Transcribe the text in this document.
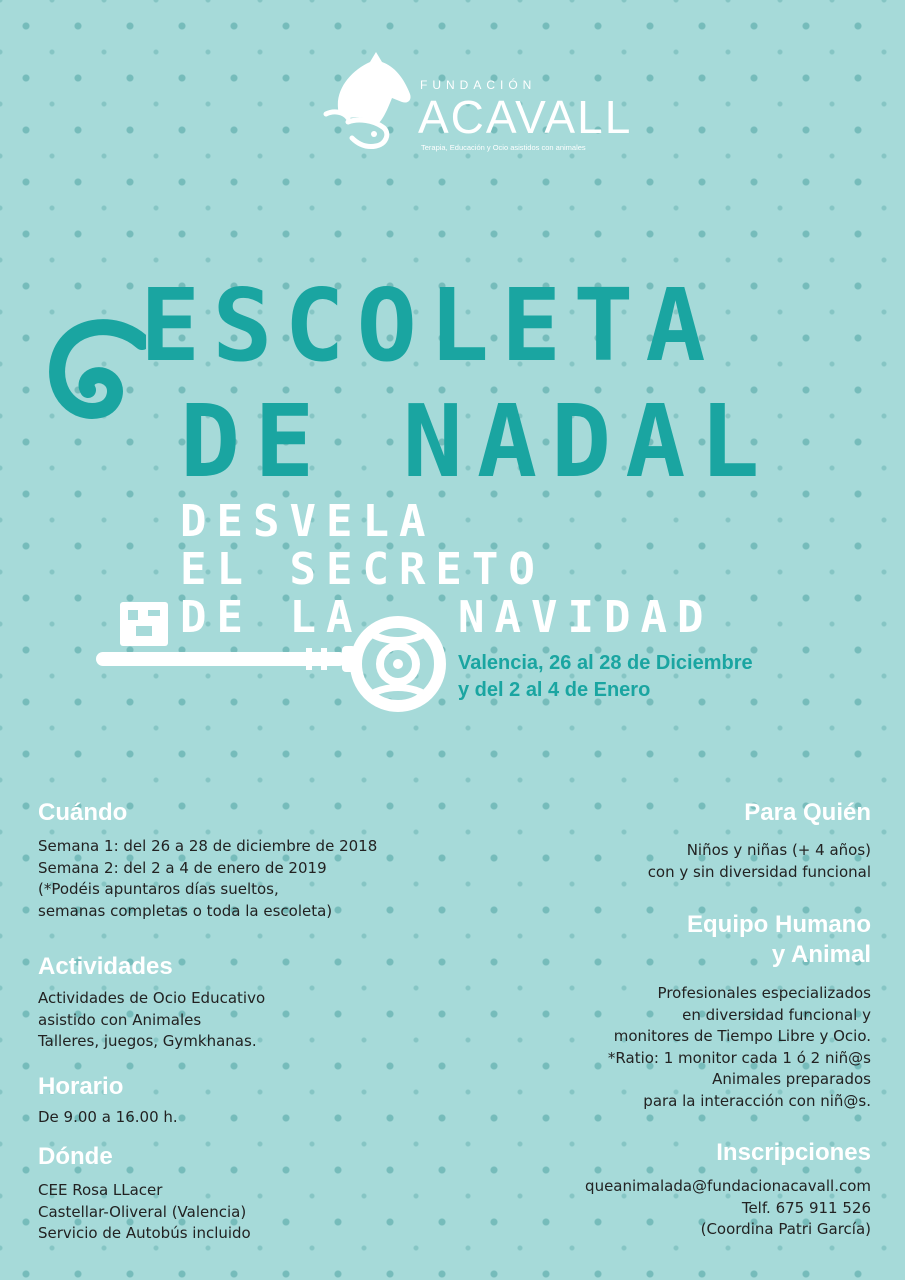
FUNDACIÓN
ACAVALL
Terapia, Educación y Ocio asistidos con animales
ESCOLETA
DE NADAL
DESVELA
EL SECRETO
DE LA NAVIDAD
Valencia, 26 al 28 de Diciembre
y del 2 al 4 de Enero
Cuándo
Semana 1: del 26 a 28 de diciembre de 2018
Semana 2: del 2 a 4 de enero de 2019
(*Podéis apuntaros días sueltos,
semanas completas o toda la escoleta)
Actividades
Actividades de Ocio Educativo
asistido con Animales
Talleres, juegos, Gymkhanas.
Horario
De 9.00 a 16.00 h.
Dónde
CEE Rosa LLacer
Castellar-Oliveral (Valencia)
Servicio de Autobús incluido
Para Quién
Niños y niñas (+ 4 años)
con y sin diversidad funcional
Equipo Humano
y Animal
Profesionales especializados
en diversidad funcional y
monitores de Tiempo Libre y Ocio.
*Ratio: 1 monitor cada 1 ó 2 niñ@s
Animales preparados
para la interacción con niñ@s.
Inscripciones
queanimalada@fundacionacavall.com
Telf. 675 911 526
(Coordina Patri García)
